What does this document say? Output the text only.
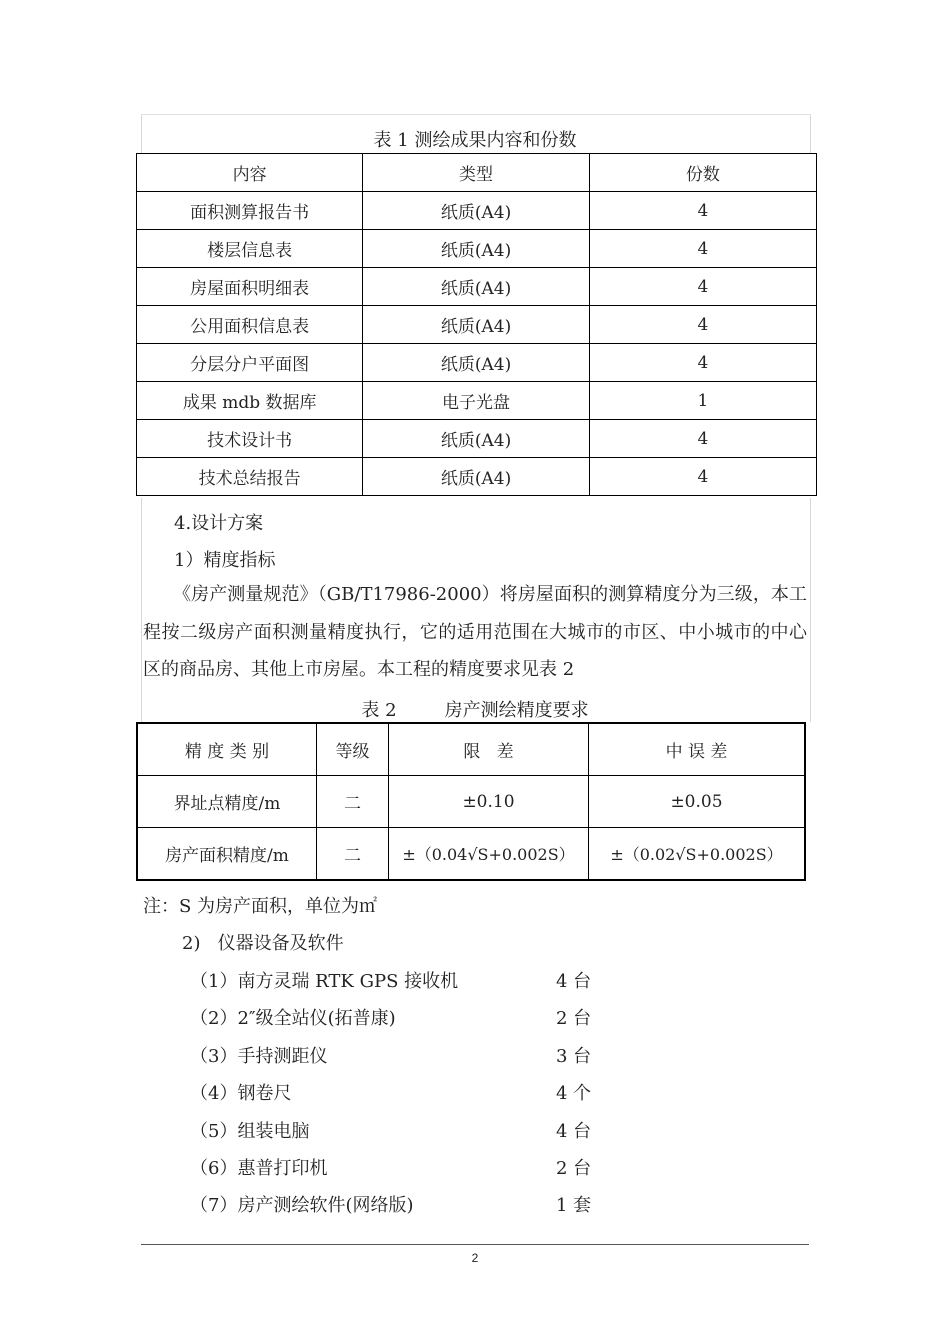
表 1 测绘成果内容和份数
内容	类型	份数
面积测算报告书	纸质(A4)	4
楼层信息表	纸质(A4)	4
房屋面积明细表	纸质(A4)	4
公用面积信息表	纸质(A4)	4
分层分户平面图	纸质(A4)	4
成果 mdb 数据库	电子光盘	1
技术设计书	纸质(A4)	4
技术总结报告	纸质(A4)	4
4.设计方案
1）精度指标
《房产测量规范》（GB/T17986-2000）将房屋面积的测算精度分为三级，本工程按二级房产面积测量精度执行，它的适用范围在大城市的市区、中小城市的中心区的商品房、其他上市房屋。本工程的精度要求见表 2
表 2	房产测绘精度要求
精 度 类 别	等级	限   差	中 误 差
界址点精度/m	二	±0.10	±0.05
房产面积精度/m	二	±（0.04√S+0.002S）	±（0.02√S+0.002S）
注：S 为房产面积，单位为㎡
2)   仪器设备及软件
（1）南方灵瑞 RTK GPS 接收机	4 台
（2）2″级全站仪(拓普康)	2 台
（3）手持测距仪	3 台
（4）钢卷尺	4 个
（5）组装电脑	4 台
（6）惠普打印机	2 台
（7）房产测绘软件(网络版)	1 套
2
